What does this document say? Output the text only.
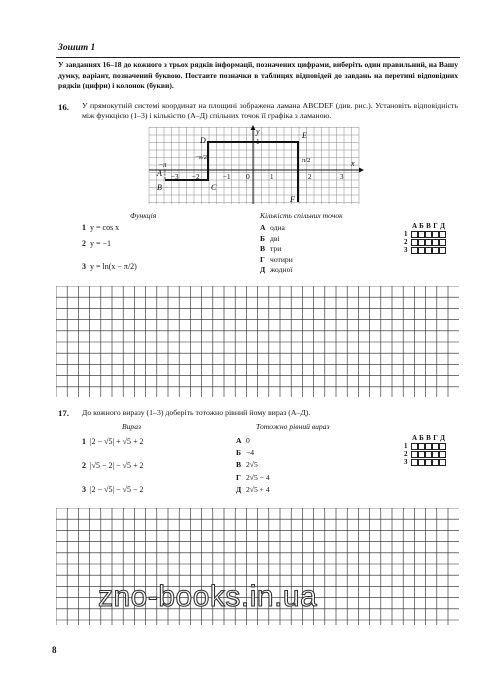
Зошит 1
У завданнях 16–18 до кожного з трьох рядків інформації, позначених цифрами, виберіть один правильний, на Вашу думку, варіант, позначений буквою. Поставте позначки в таблицях відповідей до завдань на перетині відповідних рядків (цифри) і колонок (букви).
16. У прямокутній системі координат на площині зображена ламана ABCDEF (див. рис.). Установіть відповідність між функцією (1–3) і кількістю (А–Д) спільних точок її графіка з ламаною.
A
B	C
D
E
F
x
y
0
−π
−3 −2	−1	1	2	3
π/2
−π/2
1
Функція	Кількість спільних точок
1 y = cos x
2 y = −1
3 y = ln(x − π/2)
А одна
Б дві
В три
Г чотири
Д жодної
А Б В Г Д
1
2
3
17. До кожного виразу (1–3) доберіть тотожно рівний йому вираз (А–Д).
Вираз	Тотожно рівний вираз
1 |2 − √5| + √5 + 2
2 |√5 − 2| − √5 + 2
3 |2 − √5| − √5 − 2
А 0
Б −4
В 2√5
Г 2√5 − 4
Д 2√5 + 4
А Б В Г Д
1
2
3
zno-books.in.ua
8
